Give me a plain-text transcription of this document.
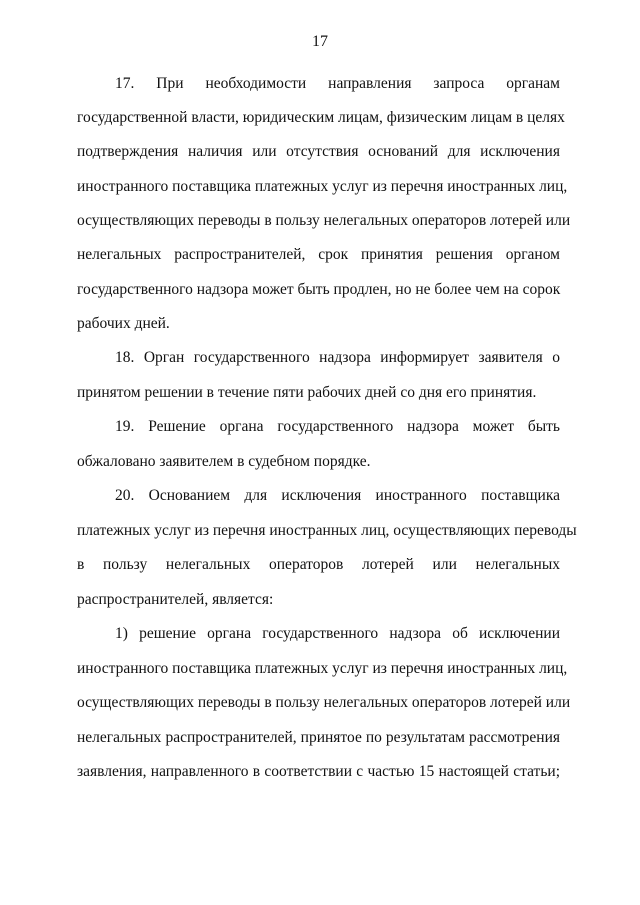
17
17. При необходимости направления запроса органам
государственной власти, юридическим лицам, физическим лицам в целях
подтверждения наличия или отсутствия оснований для исключения
иностранного поставщика платежных услуг из перечня иностранных лиц,
осуществляющих переводы в пользу нелегальных операторов лотерей или
нелегальных распространителей, срок принятия решения органом
государственного надзора может быть продлен, но не более чем на сорок
рабочих дней.
18. Орган государственного надзора информирует заявителя о
принятом решении в течение пяти рабочих дней со дня его принятия.
19. Решение органа государственного надзора может быть
обжаловано заявителем в судебном порядке.
20. Основанием для исключения иностранного поставщика
платежных услуг из перечня иностранных лиц, осуществляющих переводы
в пользу нелегальных операторов лотерей или нелегальных
распространителей, является:
1) решение органа государственного надзора об исключении
иностранного поставщика платежных услуг из перечня иностранных лиц,
осуществляющих переводы в пользу нелегальных операторов лотерей или
нелегальных распространителей, принятое по результатам рассмотрения
заявления, направленного в соответствии с частью 15 настоящей статьи;
